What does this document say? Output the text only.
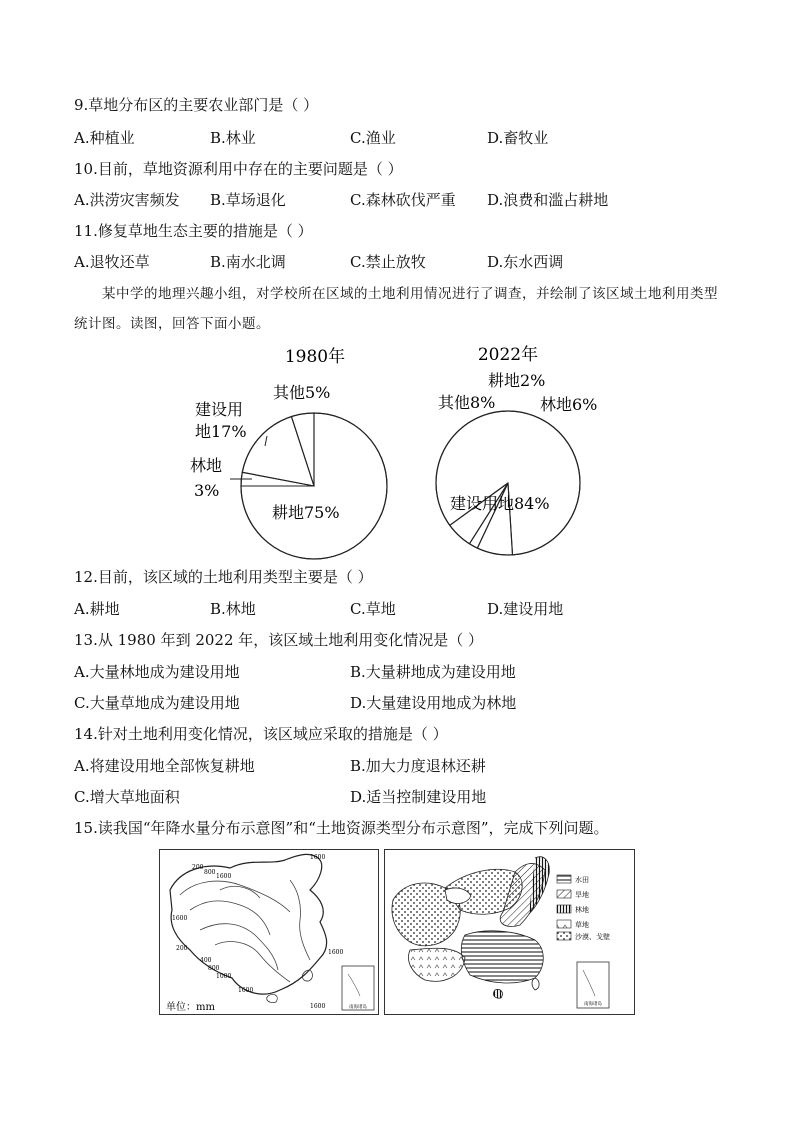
9.草地分布区的主要农业部门是（ ）
A.种植业	B.林业	C.渔业	D.畜牧业
10.目前，草地资源利用中存在的主要问题是（ ）
A.洪涝灾害频发 B.草场退化	C.森林砍伐严重 D.浪费和滥占耕地
11.修复草地生态主要的措施是（ ）
A.退牧还草	B.南水北调	C.禁止放牧	D.东水西调
某中学的地理兴趣小组，对学校所在区域的土地利用情况进行了调查，并绘制了该区域土地利用类型统计图。读图，回答下面小题。
1980年
其他5%
建设用
地17%
林地
3%
耕地75%
2022年
耕地2%
其他8%	林地6%
建设用地84%
12.目前，该区域的土地利用类型主要是（ ）
A.耕地	B.林地	C.草地	D.建设用地
13.从 1980 年到 2022 年，该区域土地利用变化情况是（ ）
A.大量林地成为建设用地	B.大量耕地成为建设用地
C.大量草地成为建设用地	D.大量建设用地成为林地
14.针对土地利用变化情况，该区域应采取的措施是（ ）
A.将建设用地全部恢复耕地	B.加大力度退林还耕
C.增大草地面积	D.适当控制建设用地
15.读我国“年降水量分布示意图”和“土地资源类型分布示意图”，完成下列问题。
1600
200
800
1600
1600
200
400
800
1000
1600
1600
1600
单位：mm	南海诸岛
水田
旱地
林地
草地
沙漠、戈壁
南海诸岛
